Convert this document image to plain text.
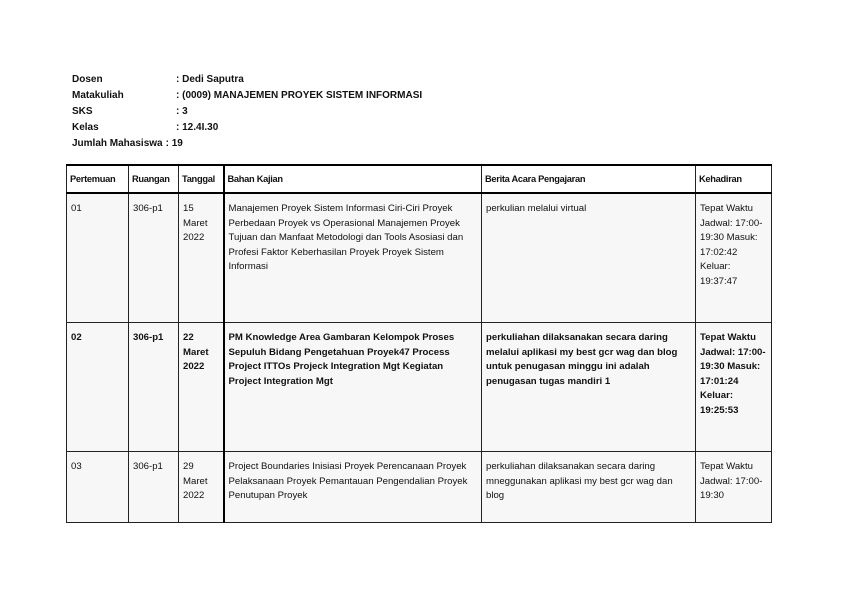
Dosen	: Dedi Saputra
Matakuliah	: (0009) MANAJEMEN PROYEK SISTEM INFORMASI
SKS	: 3
Kelas	: 12.4I.30
Jumlah Mahasiswa : 19
Pertemuan	Ruangan	Tanggal	Bahan Kajian	Berita Acara Pengajaran	Kehadiran
01	306-p1	15 Maret 2022	Manajemen Proyek Sistem Informasi Ciri-Ciri Proyek Perbedaan Proyek vs Operasional Manajemen Proyek Tujuan dan Manfaat Metodologi dan Tools Asosiasi dan Profesi Faktor Keberhasilan Proyek Proyek Sistem Informasi	perkulian melalui virtual	Tepat Waktu Jadwal: 17:00-19:30 Masuk: 17:02:42 Keluar: 19:37:47
02	306-p1	22 Maret 2022	PM Knowledge Area Gambaran Kelompok Proses Sepuluh Bidang Pengetahuan Proyek47 Process Project ITTOs Projeck Integration Mgt Kegiatan Project Integration Mgt	perkuliahan dilaksanakan secara daring melalui aplikasi my best gcr wag dan blog untuk penugasan minggu ini adalah penugasan tugas mandiri 1	Tepat Waktu Jadwal: 17:00-19:30 Masuk: 17:01:24 Keluar: 19:25:53
03	306-p1	29 Maret 2022	Project Boundaries Inisiasi Proyek Perencanaan Proyek Pelaksanaan Proyek Pemantauan Pengendalian Proyek Penutupan Proyek	perkuliahan dilaksanakan secara daring mneggunakan aplikasi my best gcr wag dan blog	Tepat Waktu Jadwal: 17:00-19:30
